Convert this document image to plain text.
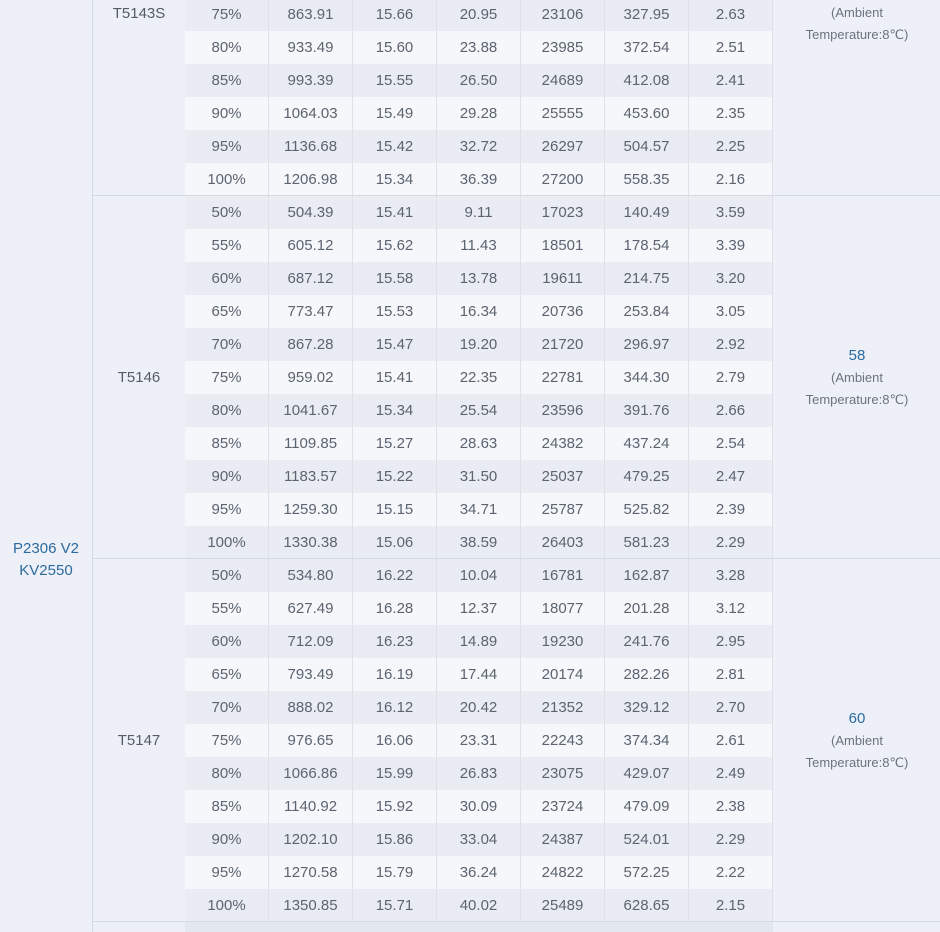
P2306 V2
KV2550
T5143S	75%	863.91	15.66	20.95	23106	327.95	2.63
80%	933.49	15.60	23.88	23985	372.54	2.51
85%	993.39	15.55	26.50	24689	412.08	2.41
90%	1064.03	15.49	29.28	25555	453.60	2.35
95%	1136.68	15.42	32.72	26297	504.57	2.25
100%	1206.98	15.34	36.39	27200	558.35	2.16
(Ambient
Temperature:8℃)
T5146
50%	504.39	15.41	9.11	17023	140.49	3.59
55%	605.12	15.62	11.43	18501	178.54	3.39
60%	687.12	15.58	13.78	19611	214.75	3.20
65%	773.47	15.53	16.34	20736	253.84	3.05
70%	867.28	15.47	19.20	21720	296.97	2.92
75%	959.02	15.41	22.35	22781	344.30	2.79
80%	1041.67	15.34	25.54	23596	391.76	2.66
85%	1109.85	15.27	28.63	24382	437.24	2.54
90%	1183.57	15.22	31.50	25037	479.25	2.47
95%	1259.30	15.15	34.71	25787	525.82	2.39
100%	1330.38	15.06	38.59	26403	581.23	2.29
58
(Ambient
Temperature:8℃)
T5147
50%	534.80	16.22	10.04	16781	162.87	3.28
55%	627.49	16.28	12.37	18077	201.28	3.12
60%	712.09	16.23	14.89	19230	241.76	2.95
65%	793.49	16.19	17.44	20174	282.26	2.81
70%	888.02	16.12	20.42	21352	329.12	2.70
75%	976.65	16.06	23.31	22243	374.34	2.61
80%	1066.86	15.99	26.83	23075	429.07	2.49
85%	1140.92	15.92	30.09	23724	479.09	2.38
90%	1202.10	15.86	33.04	24387	524.01	2.29
95%	1270.58	15.79	36.24	24822	572.25	2.22
100%	1350.85	15.71	40.02	25489	628.65	2.15
60
(Ambient
Temperature:8℃)
